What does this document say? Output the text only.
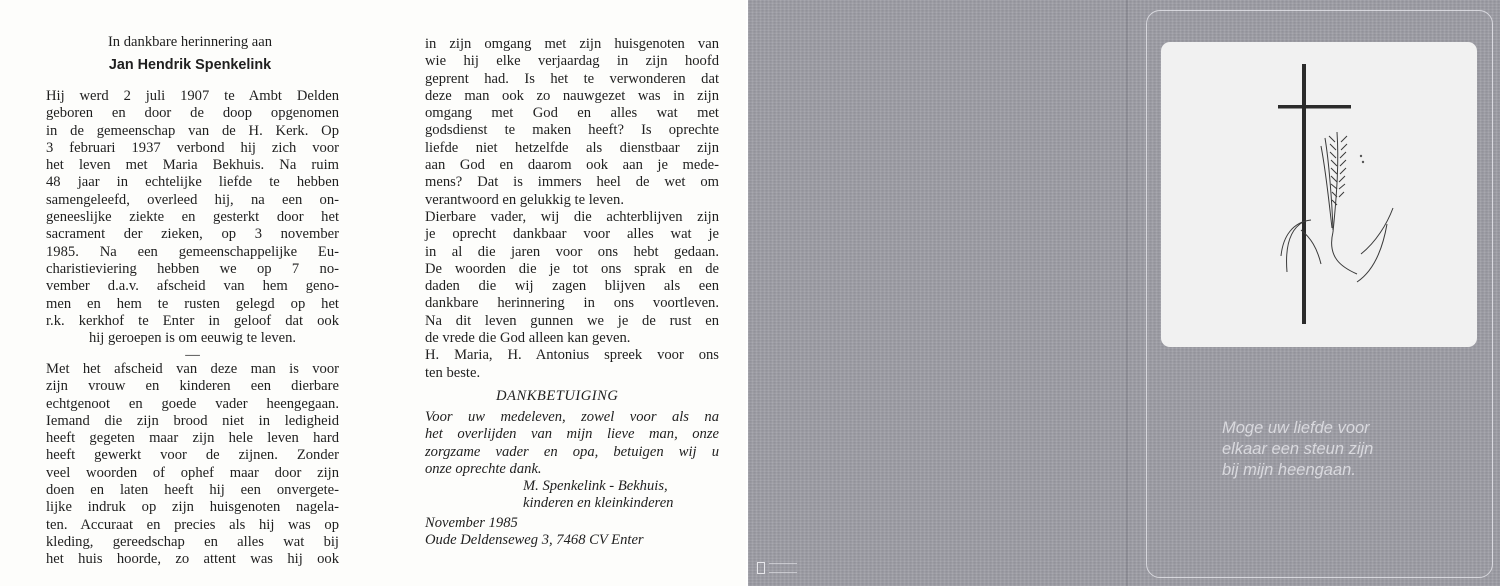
In dankbare herinnering aan
Jan Hendrik Spenkelink
Hij werd 2 juli 1907 te Ambt Delden
geboren en door de doop opgenomen
in de gemeenschap van de H. Kerk. Op
3 februari 1937 verbond hij zich voor
het leven met Maria Bekhuis. Na ruim
48 jaar in echtelijke liefde te hebben
samengeleefd, overleed hij, na een on-
geneeslijke ziekte en gesterkt door het
sacrament der zieken, op 3 november
1985. Na een gemeenschappelijke Eu-
charistieviering hebben we op 7 no-
vember d.a.v. afscheid van hem geno-
men en hem te rusten gelegd op het
r.k. kerkhof te Enter in geloof dat ook
hij geroepen is om eeuwig te leven.
—
Met het afscheid van deze man is voor
zijn vrouw en kinderen een dierbare
echtgenoot en goede vader heengegaan.
Iemand die zijn brood niet in ledigheid
heeft gegeten maar zijn hele leven hard
heeft gewerkt voor de zijnen. Zonder
veel woorden of ophef maar door zijn
doen en laten heeft hij een onvergete-
lijke indruk op zijn huisgenoten nagela-
ten. Accuraat en precies als hij was op
kleding, gereedschap en alles wat bij
het huis hoorde, zo attent was hij ook
in zijn omgang met zijn huisgenoten van
wie hij elke verjaardag in zijn hoofd
geprent had. Is het te verwonderen dat
deze man ook zo nauwgezet was in zijn
omgang met God en alles wat met
godsdienst te maken heeft? Is oprechte
liefde niet hetzelfde als dienstbaar zijn
aan God en daarom ook aan je mede-
mens? Dat is immers heel de wet om
verantwoord en gelukkig te leven.
Dierbare vader, wij die achterblijven zijn
je oprecht dankbaar voor alles wat je
in al die jaren voor ons hebt gedaan.
De woorden die je tot ons sprak en de
daden die wij zagen blijven als een
dankbare herinnering in ons voortleven.
Na dit leven gunnen we je de rust en
de vrede die God alleen kan geven.
H. Maria, H. Antonius spreek voor ons
ten beste.
DANKBETUIGING
Voor uw medeleven, zowel voor als na
het overlijden van mijn lieve man, onze
zorgzame vader en opa, betuigen wij u
onze oprechte dank.
M. Spenkelink - Bekhuis,
kinderen en kleinkinderen
November 1985
Oude Deldenseweg 3, 7468 CV Enter
Moge uw liefde voor
elkaar een steun zijn
bij mijn heengaan.
